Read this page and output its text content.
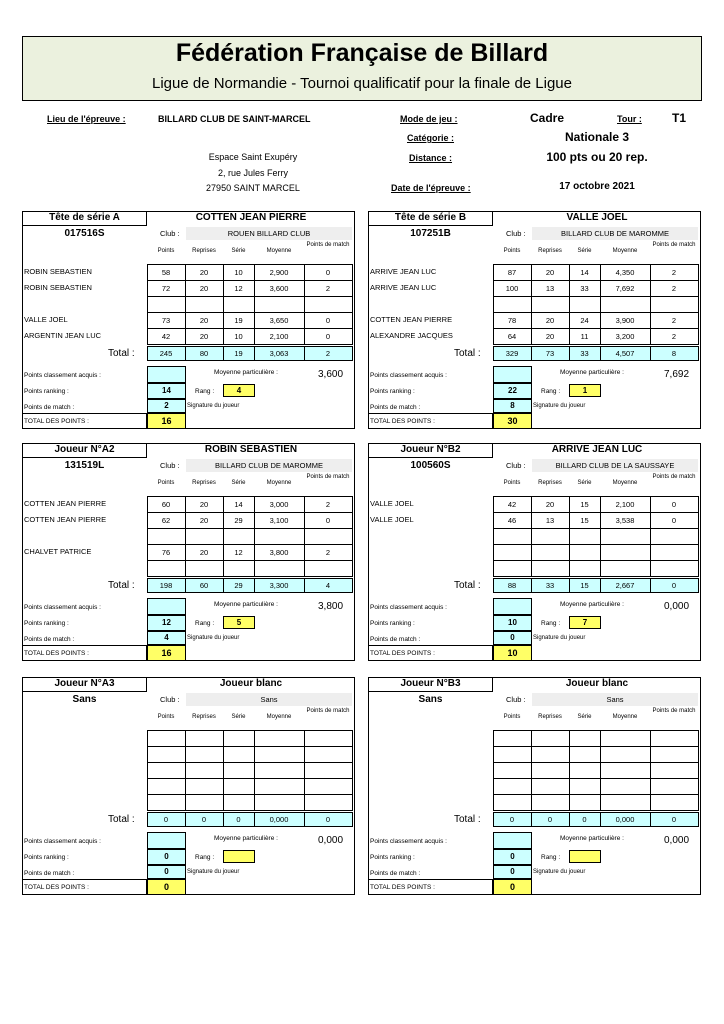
Fédération Française de Billard
Ligue de Normandie - Tournoi qualificatif pour la finale de Ligue
Lieu de l'épreuve :	BILLARD CLUB DE SAINT-MARCEL
Espace Saint Exupéry
2, rue Jules Ferry
27950 SAINT MARCEL
Mode de jeu :	Cadre	Tour :	T1
Catégorie :	Nationale 3
Distance :	100 pts ou 20 rep.
Date de l'épreuve :	17 octobre 2021
Tête de série A	COTTEN JEAN PIERRE
017516S	Club :	ROUEN BILLARD CLUB
Points	Reprises	Série	Moyenne
Points de match
ROBIN SEBASTIEN	58	20	10	2,900	0
ROBIN SEBASTIEN	72	20	12	3,600	2
VALLE JOEL	73	20	19	3,650	0
ARGENTIN JEAN LUC	42	20	10	2,100	0
Total :	245	80	19	3,063	2
Points classement acquis :	Moyenne particulière :	3,600
Points ranking :	14	Rang :	4
Points de match :	2	Signature du joueur
TOTAL DES POINTS :	16
Tête de série B	VALLE JOEL
107251B	Club :	BILLARD CLUB DE MAROMME
Points	Reprises	Série	Moyenne
Points de match
ARRIVE JEAN LUC	87	20	14	4,350	2
ARRIVE JEAN LUC	100	13	33	7,692	2
COTTEN JEAN PIERRE	78	20	24	3,900	2
ALEXANDRE JACQUES	64	20	11	3,200	2
Total :	329	73	33	4,507	8
Points classement acquis :	Moyenne particulière :	7,692
Points ranking :	22	Rang :	1
Points de match :	8	Signature du joueur
TOTAL DES POINTS :	30
Joueur N°A2	ROBIN SEBASTIEN
131519L	Club :	BILLARD CLUB DE MAROMME
Points	Reprises	Série	Moyenne
Points de match
COTTEN JEAN PIERRE	60	20	14	3,000	2
COTTEN JEAN PIERRE	62	20	29	3,100	0
CHALVET PATRICE	76	20	12	3,800	2
Total :	198	60	29	3,300	4
Points classement acquis :	Moyenne particulière :	3,800
Points ranking :	12	Rang :	5
Points de match :	4	Signature du joueur
TOTAL DES POINTS :	16
Joueur N°B2	ARRIVE JEAN LUC
100560S	Club :	BILLARD CLUB DE LA SAUSSAYE
Points	Reprises	Série	Moyenne
Points de match
VALLE JOEL	42	20	15	2,100	0
VALLE JOEL	46	13	15	3,538	0
Total :	88	33	15	2,667	0
Points classement acquis :	Moyenne particulière :	0,000
Points ranking :	10	Rang :	7
Points de match :	0	Signature du joueur
TOTAL DES POINTS :	10
Joueur N°A3	Joueur blanc
Sans	Club :	Sans
Points	Reprises	Série	Moyenne
Points de match
Total :	0	0	0	0,000	0
Points classement acquis :	Moyenne particulière :	0,000
Points ranking :	0	Rang :
Points de match :	0	Signature du joueur
TOTAL DES POINTS :	0
Joueur N°B3	Joueur blanc
Sans	Club :	Sans
Points	Reprises	Série	Moyenne
Points de match
Total :	0	0	0	0,000	0
Points classement acquis :	Moyenne particulière :	0,000
Points ranking :	0	Rang :
Points de match :	0	Signature du joueur
TOTAL DES POINTS :	0
